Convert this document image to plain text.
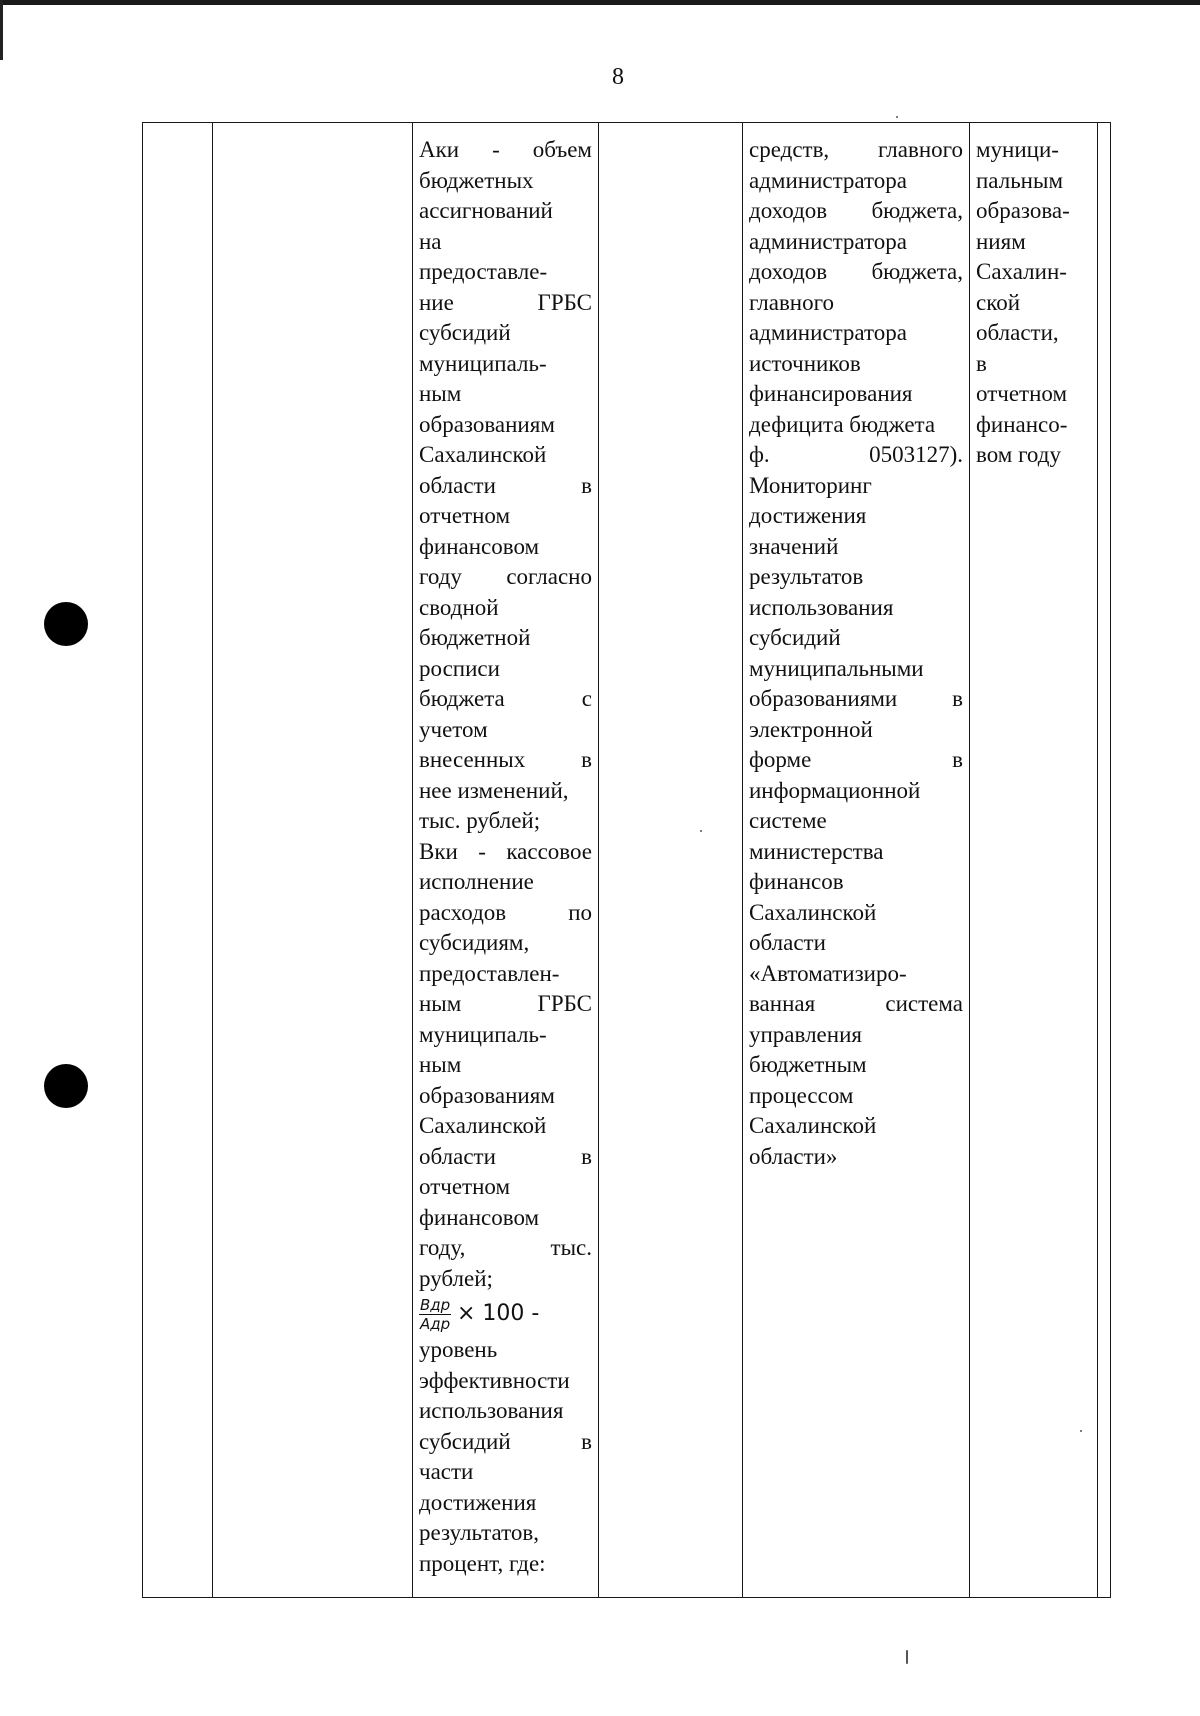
8

Аки - объем
бюджетных
ассигнований
на
предоставле-
ние	ГРБС
субсидий
муниципаль-
ным
образованиям
Сахалинской
области	в
отчетном
финансовом
году согласно
сводной
бюджетной
росписи
бюджета	с
учетом
внесенных в
нее изменений,
тыс. рублей;
Вки - кассовое
исполнение
расходов	по
субсидиям,
предоставлен-
ным	ГРБС
муниципаль-
ным
образованиям
Сахалинской
области	в
отчетном
финансовом
году,	тыс.
рублей;
$\frac{\text{Вдр}}{\text{Адр}} \times 100$ -
уровень
эффективности
использования
субсидий	в
части
достижения
результатов,
процент, где:

средств, главного
администратора
доходов бюджета,
администратора
доходов бюджета,
главного
администратора
источников
финансирования
дефицита бюджета
ф.	0503127).
Мониторинг
достижения
значений
результатов
использования
субсидий
муниципальными
образованиями в
электронной
форме	в
информационной
системе
министерства
финансов
Сахалинской
области
«Автоматизиро-
ванная	система
управления
бюджетным
процессом
Сахалинской
области»

муници-
пальным
образова-
ниям
Сахалин-
ской
области,
в
отчетном
финансо-
вом году
